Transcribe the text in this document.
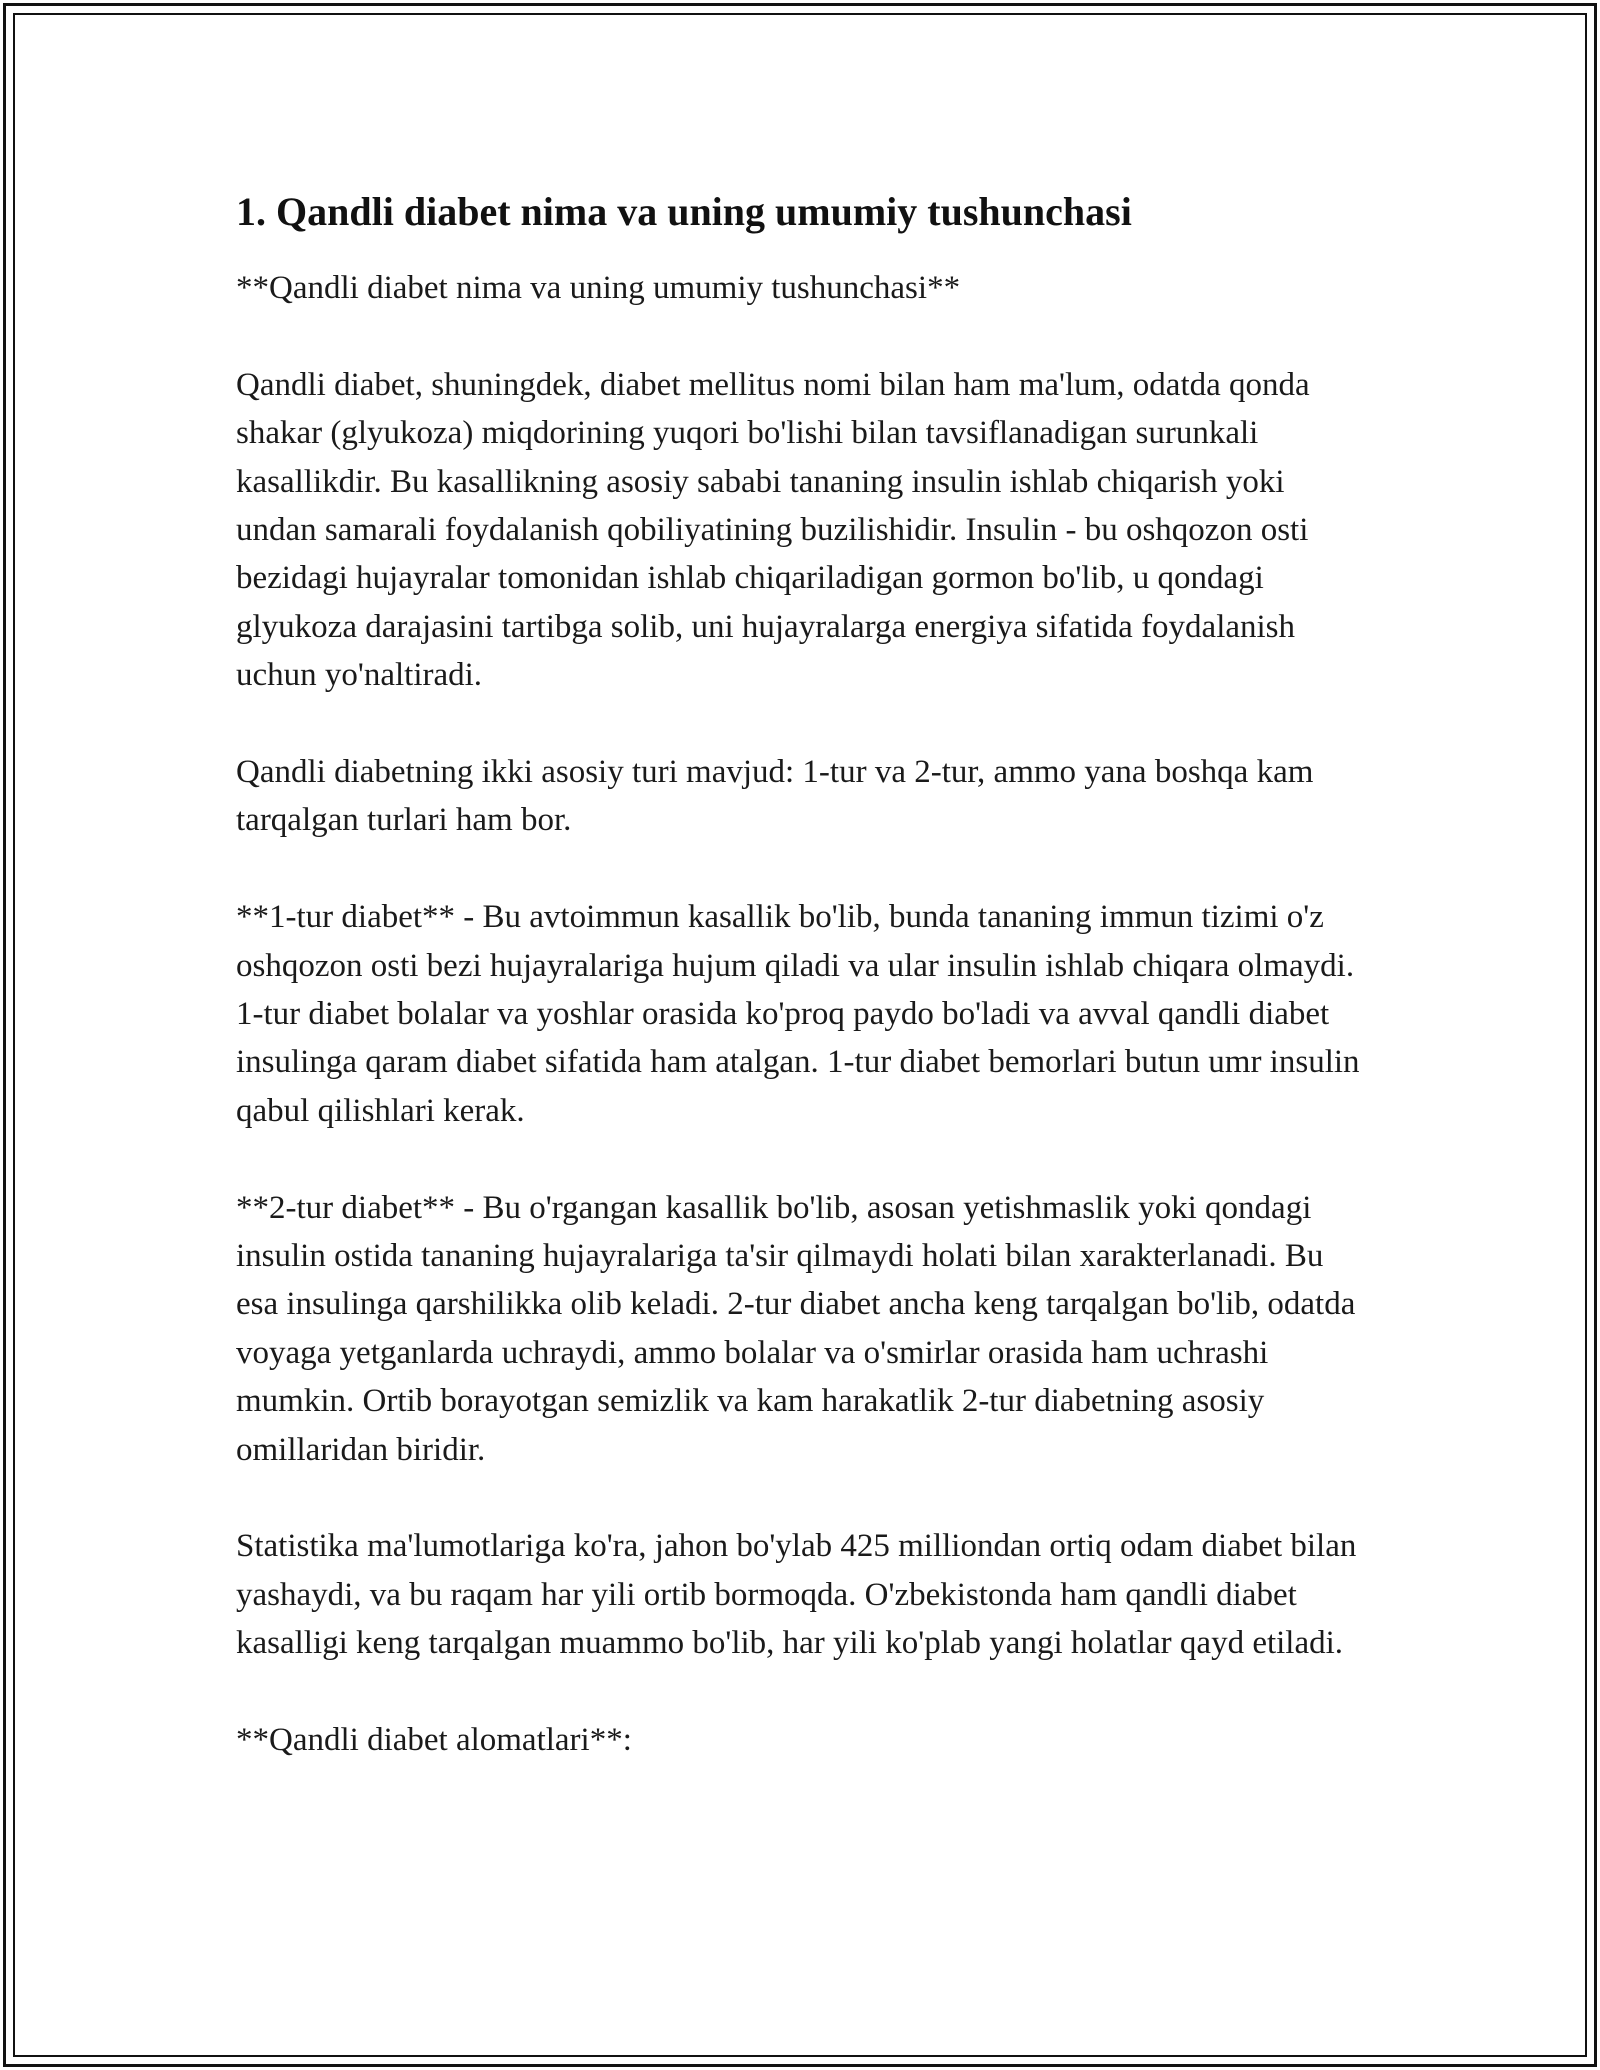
1. Qandli diabet nima va uning umumiy tushunchasi

**Qandli diabet nima va uning umumiy tushunchasi**

Qandli diabet, shuningdek, diabet mellitus nomi bilan ham ma'lum, odatda qonda shakar (glyukoza) miqdorining yuqori bo'lishi bilan tavsiflanadigan surunkali kasallikdir. Bu kasallikning asosiy sababi tananing insulin ishlab chiqarish yoki undan samarali foydalanish qobiliyatining buzilishidir. Insulin - bu oshqozon osti bezidagi hujayralar tomonidan ishlab chiqariladigan gormon bo'lib, u qondagi glyukoza darajasini tartibga solib, uni hujayralarga energiya sifatida foydalanish uchun yo'naltiradi.

Qandli diabetning ikki asosiy turi mavjud: 1-tur va 2-tur, ammo yana boshqa kam tarqalgan turlari ham bor.

**1-tur diabet** - Bu avtoimmun kasallik bo'lib, bunda tananing immun tizimi o'z oshqozon osti bezi hujayralariga hujum qiladi va ular insulin ishlab chiqara olmaydi. 1-tur diabet bolalar va yoshlar orasida ko'proq paydo bo'ladi va avval qandli diabet insulinga qaram diabet sifatida ham atalgan. 1-tur diabet bemorlari butun umr insulin qabul qilishlari kerak.

**2-tur diabet** - Bu o'rgangan kasallik bo'lib, asosan yetishmaslik yoki qondagi insulin ostida tananing hujayralariga ta'sir qilmaydi holati bilan xarakterlanadi. Bu esa insulinga qarshilikka olib keladi. 2-tur diabet ancha keng tarqalgan bo'lib, odatda voyaga yetganlarda uchraydi, ammo bolalar va o'smirlar orasida ham uchrashi mumkin. Ortib borayotgan semizlik va kam harakatlik 2-tur diabetning asosiy omillaridan biridir.

Statistika ma'lumotlariga ko'ra, jahon bo'ylab 425 milliondan ortiq odam diabet bilan yashaydi, va bu raqam har yili ortib bormoqda. O'zbekistonda ham qandli diabet kasalligi keng tarqalgan muammo bo'lib, har yili ko'plab yangi holatlar qayd etiladi.

**Qandli diabet alomatlari**:
